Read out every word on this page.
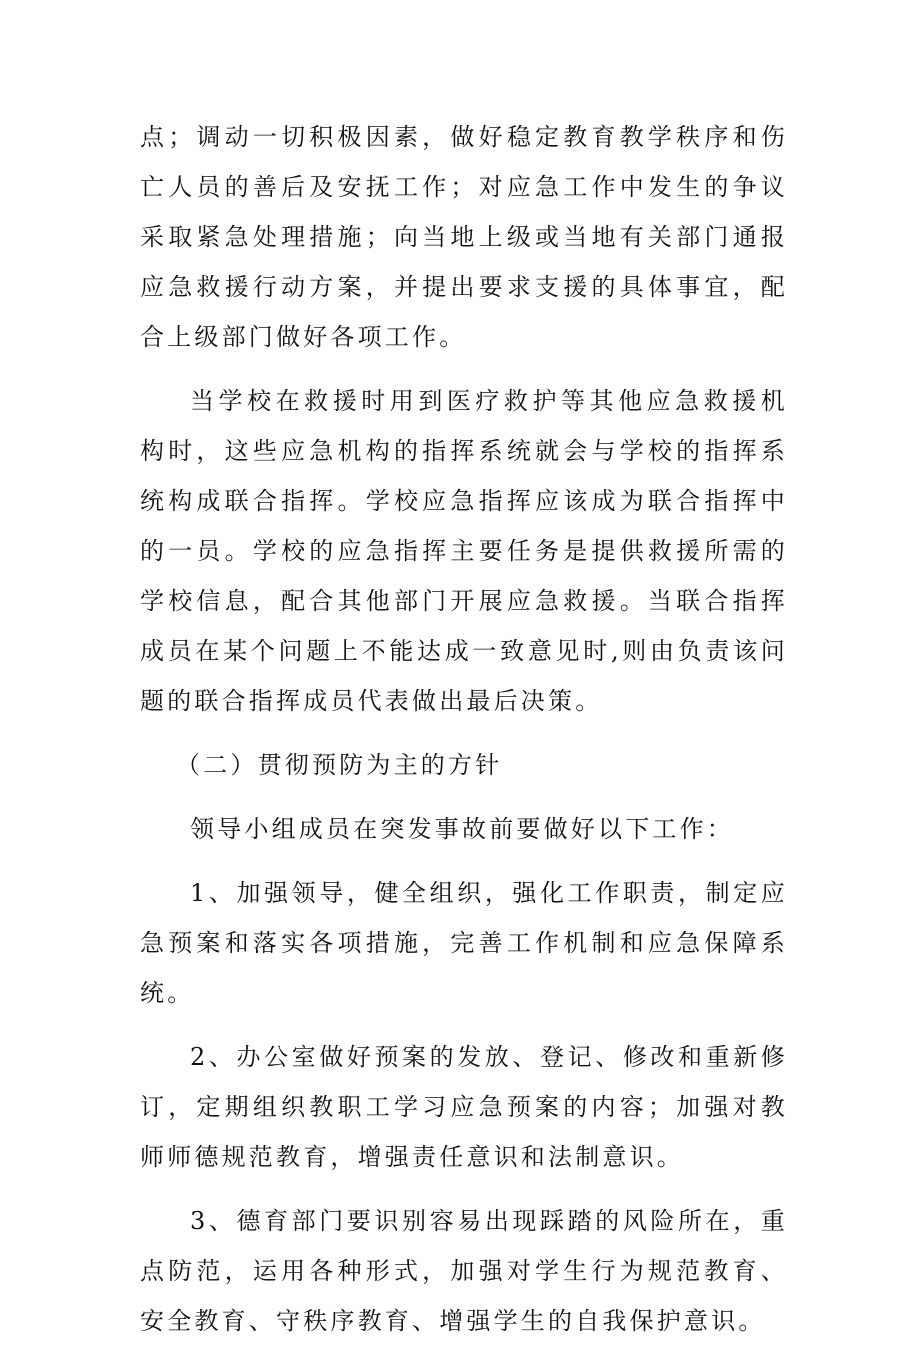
点；调动一切积极因素，做好稳定教育教学秩序和伤亡人员的善后及安抚工作；对应急工作中发生的争议采取紧急处理措施；向当地上级或当地有关部门通报应急救援行动方案，并提出要求支援的具体事宜，配合上级部门做好各项工作。

当学校在救援时用到医疗救护等其他应急救援机构时，这些应急机构的指挥系统就会与学校的指挥系统构成联合指挥。学校应急指挥应该成为联合指挥中的一员。学校的应急指挥主要任务是提供救援所需的学校信息，配合其他部门开展应急救援。当联合指挥成员在某个问题上不能达成一致意见时,则由负责该问题的联合指挥成员代表做出最后决策。

（二）贯彻预防为主的方针

领导小组成员在突发事故前要做好以下工作：

1、加强领导，健全组织，强化工作职责，制定应急预案和落实各项措施，完善工作机制和应急保障系统。

2、办公室做好预案的发放、登记、修改和重新修订，定期组织教职工学习应急预案的内容；加强对教师师德规范教育，增强责任意识和法制意识。

3、德育部门要识别容易出现踩踏的风险所在，重点防范，运用各种形式，加强对学生行为规范教育、安全教育、守秩序教育、增强学生的自我保护意识。
